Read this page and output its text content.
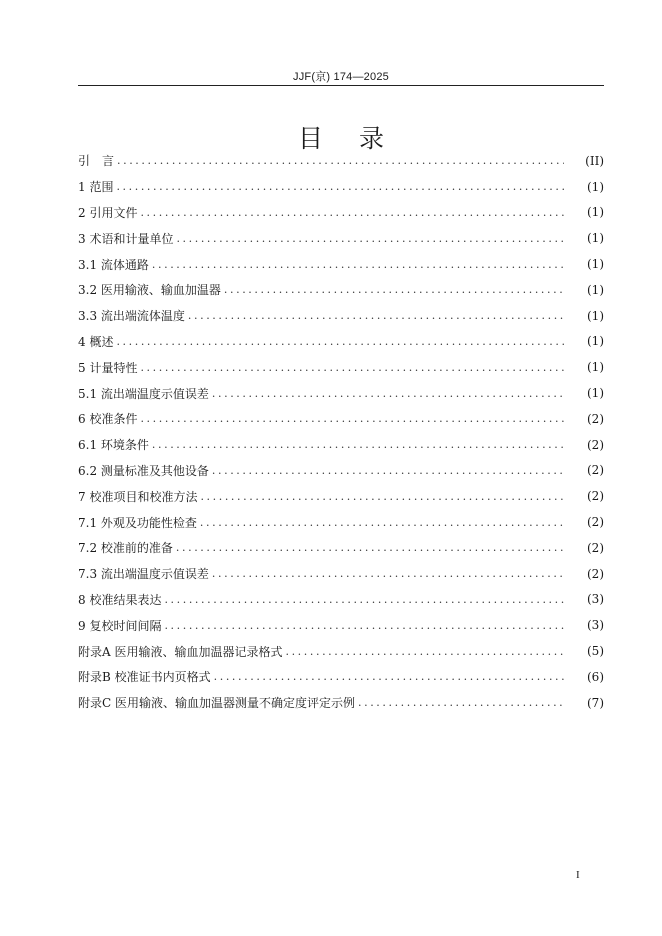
JJF(京) 174—2025
目 录
引　言 .....	(II)
1 范围 .....	(1)
2 引用文件 .....	(1)
3 术语和计量单位 .....	(1)
3.1 流体通路 .....	(1)
3.2 医用输液、输血加温器 .....	(1)
3.3 流出端流体温度 .....	(1)
4 概述 .....	(1)
5 计量特性 .....	(1)
5.1 流出端温度示值误差 .....	(1)
6 校准条件 .....	(2)
6.1 环境条件 .....	(2)
6.2 测量标准及其他设备 .....	(2)
7 校准项目和校准方法 .....	(2)
7.1 外观及功能性检查 .....	(2)
7.2 校准前的准备 .....	(2)
7.3 流出端温度示值误差 .....	(2)
8 校准结果表达 .....	(3)
9 复校时间间隔 .....	(3)
附录A 医用输液、输血加温器记录格式 .....	(5)
附录B 校准证书内页格式 .....	(6)
附录C 医用输液、输血加温器测量不确定度评定示例 .....	(7)
I
